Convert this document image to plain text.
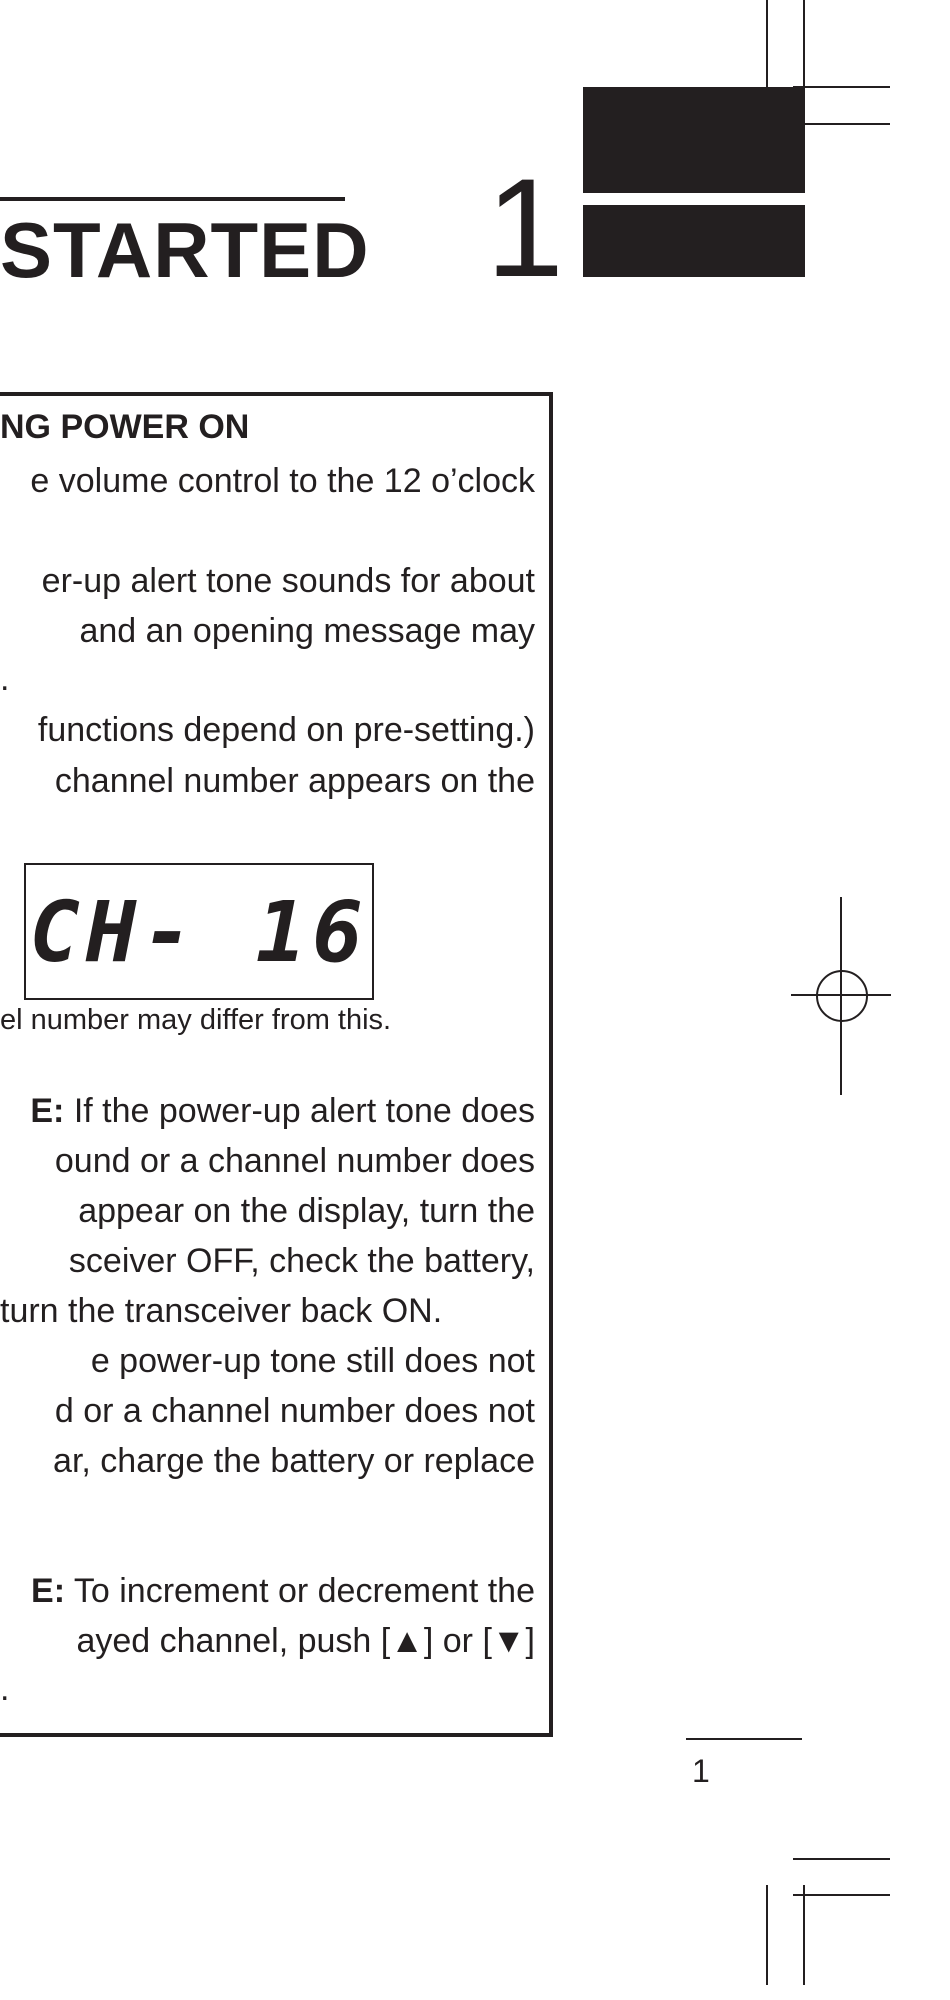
STARTED 1
NG POWER ON
e volume control to the 12 o’clock
er-up alert tone sounds for about
and an opening message may
.
functions depend on pre-setting.)
channel number appears on the
CH- 16
el number may differ from this.
E: If the power-up alert tone does
ound or a channel number does
appear on the display, turn the
sceiver OFF, check the battery,
turn the transceiver back ON.
e power-up tone still does not
d or a channel number does not
ar, charge the battery or replace
E: To increment or decrement the
ayed channel, push [▲] or [▼]
.
1
